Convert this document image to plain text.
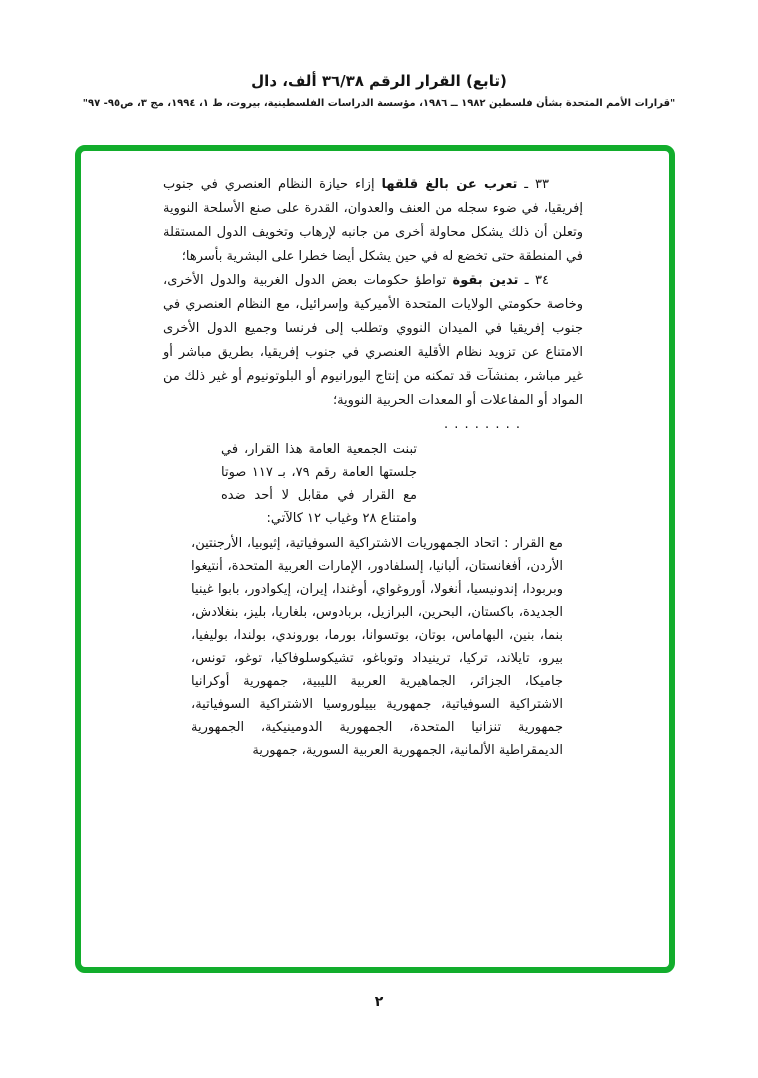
(تابع) القرار الرقم ٣٦/٣٨ ألف، دال
"قرارات الأمم المتحدة بشأن فلسطين ١٩٨٢ ــ ١٩٨٦، مؤسسة الدراسات الفلسطينية، بيروت، ط ١، ١٩٩٤، مج ٣، ص٩٥- ٩٧"

٣٣ ـ تعرب عن بالغ قلقها إزاء حيازة النظام العنصري في جنوب إفريقيا، في ضوء سجله من العنف والعدوان، القدرة على صنع الأسلحة النووية وتعلن أن ذلك يشكل محاولة أخرى من جانبه لإرهاب وتخويف الدول المستقلة في المنطقة حتى تخضع له في حين يشكل أيضا خطرا على البشرية بأسرها؛

٣٤ ـ تدين بقوة تواطؤ حكومات بعض الدول الغربية والدول الأخرى، وخاصة حكومتي الولايات المتحدة الأميركية وإسرائيل، مع النظام العنصري في جنوب إفريقيا في الميدان النووي وتطلب إلى فرنسا وجميع الدول الأخرى الامتناع عن تزويد نظام الأقلية العنصري في جنوب إفريقيا، بطريق مباشر أو غير مباشر، بمنشآت قد تمكنه من إنتاج اليورانيوم أو البلوتونيوم أو غير ذلك من المواد أو المفاعلات أو المعدات الحربية النووية؛

. . . . . . . .

تبنت الجمعية العامة هذا القرار، في جلستها العامة رقم ٧٩، بـ ١١٧ صوتا مع القرار في مقابل لا أحد ضده وامتناع ٢٨ وغياب ١٢ كالآتي:

مع القرار : اتحاد الجمهوريات الاشتراكية السوفياتية، إثيوبيا، الأرجنتين، الأردن، أفغانستان، ألبانيا، إلسلفادور، الإمارات العربية المتحدة، أنتيغوا وبربودا، إندونيسيا، أنغولا، أوروغواي، أوغندا، إيران، إيكوادور، بابوا غينيا الجديدة، باكستان، البحرين، البرازيل، بربادوس، بلغاريا، بليز، بنغلادش، بنما، بنين، البهاماس، بوتان، بوتسوانا، بورما، بوروندي، بولندا، بوليفيا، بيرو، تايلاند، تركيا، ترينيداد وتوباغو، تشيكوسلوفاكيا، توغو، تونس، جاميكا، الجزائر، الجماهيرية العربية الليبية، جمهورية أوكرانيا الاشتراكية السوفياتية، جمهورية بييلوروسيا الاشتراكية السوفياتية، جمهورية تنزانيا المتحدة، الجمهورية الدومينيكية، الجمهورية الديمقراطية الألمانية، الجمهورية العربية السورية، جمهورية

٢
